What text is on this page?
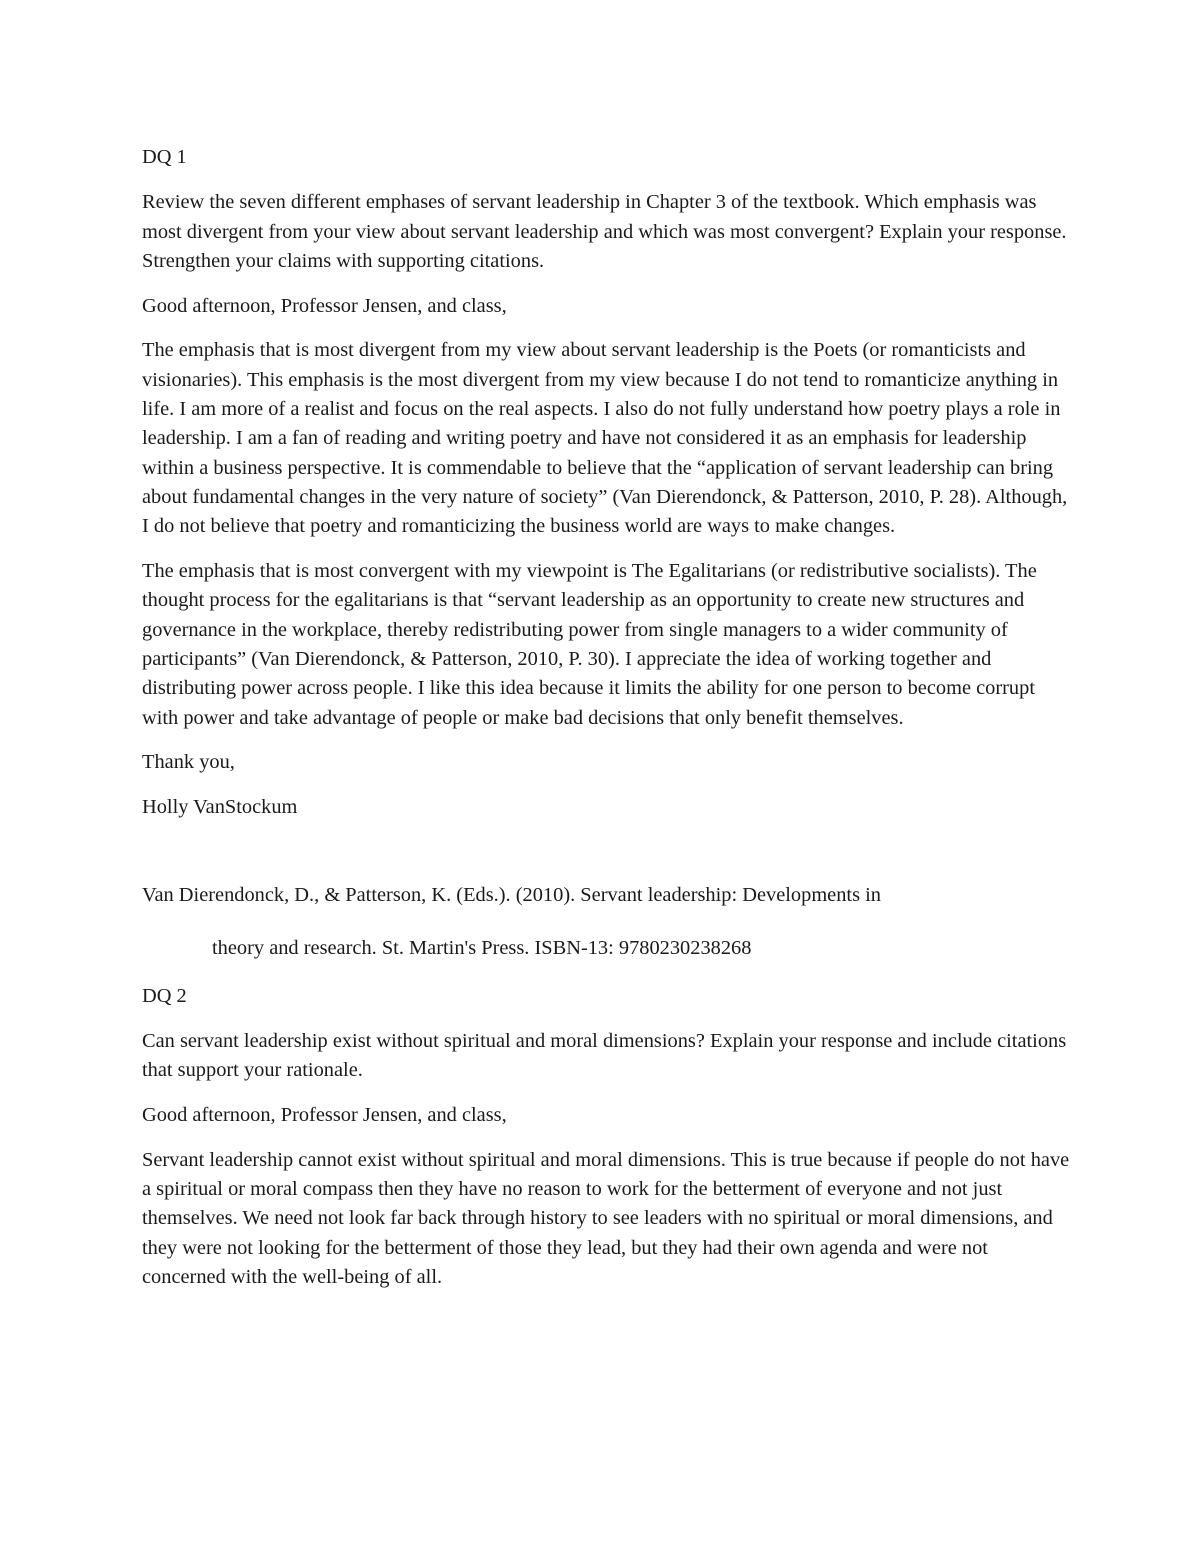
DQ 1

Review the seven different emphases of servant leadership in Chapter 3 of the textbook. Which emphasis was most divergent from your view about servant leadership and which was most convergent? Explain your response. Strengthen your claims with supporting citations.

Good afternoon, Professor Jensen, and class,

The emphasis that is most divergent from my view about servant leadership is the Poets (or romanticists and visionaries). This emphasis is the most divergent from my view because I do not tend to romanticize anything in life. I am more of a realist and focus on the real aspects. I also do not fully understand how poetry plays a role in leadership. I am a fan of reading and writing poetry and have not considered it as an emphasis for leadership within a business perspective. It is commendable to believe that the “application of servant leadership can bring about fundamental changes in the very nature of society” (Van Dierendonck, & Patterson, 2010, P. 28). Although, I do not believe that poetry and romanticizing the business world are ways to make changes.

The emphasis that is most convergent with my viewpoint is The Egalitarians (or redistributive socialists). The thought process for the egalitarians is that “servant leadership as an opportunity to create new structures and governance in the workplace, thereby redistributing power from single managers to a wider community of participants” (Van Dierendonck, & Patterson, 2010, P. 30). I appreciate the idea of working together and distributing power across people. I like this idea because it limits the ability for one person to become corrupt with power and take advantage of people or make bad decisions that only benefit themselves.

Thank you,

Holly VanStockum

Van Dierendonck, D., & Patterson, K. (Eds.). (2010). Servant leadership: Developments in
theory and research. St. Martin's Press. ISBN-13: 9780230238268

DQ 2

Can servant leadership exist without spiritual and moral dimensions? Explain your response and include citations that support your rationale.

Good afternoon, Professor Jensen, and class,

Servant leadership cannot exist without spiritual and moral dimensions. This is true because if people do not have a spiritual or moral compass then they have no reason to work for the betterment of everyone and not just themselves. We need not look far back through history to see leaders with no spiritual or moral dimensions, and they were not looking for the betterment of those they lead, but they had their own agenda and were not concerned with the well-being of all.
